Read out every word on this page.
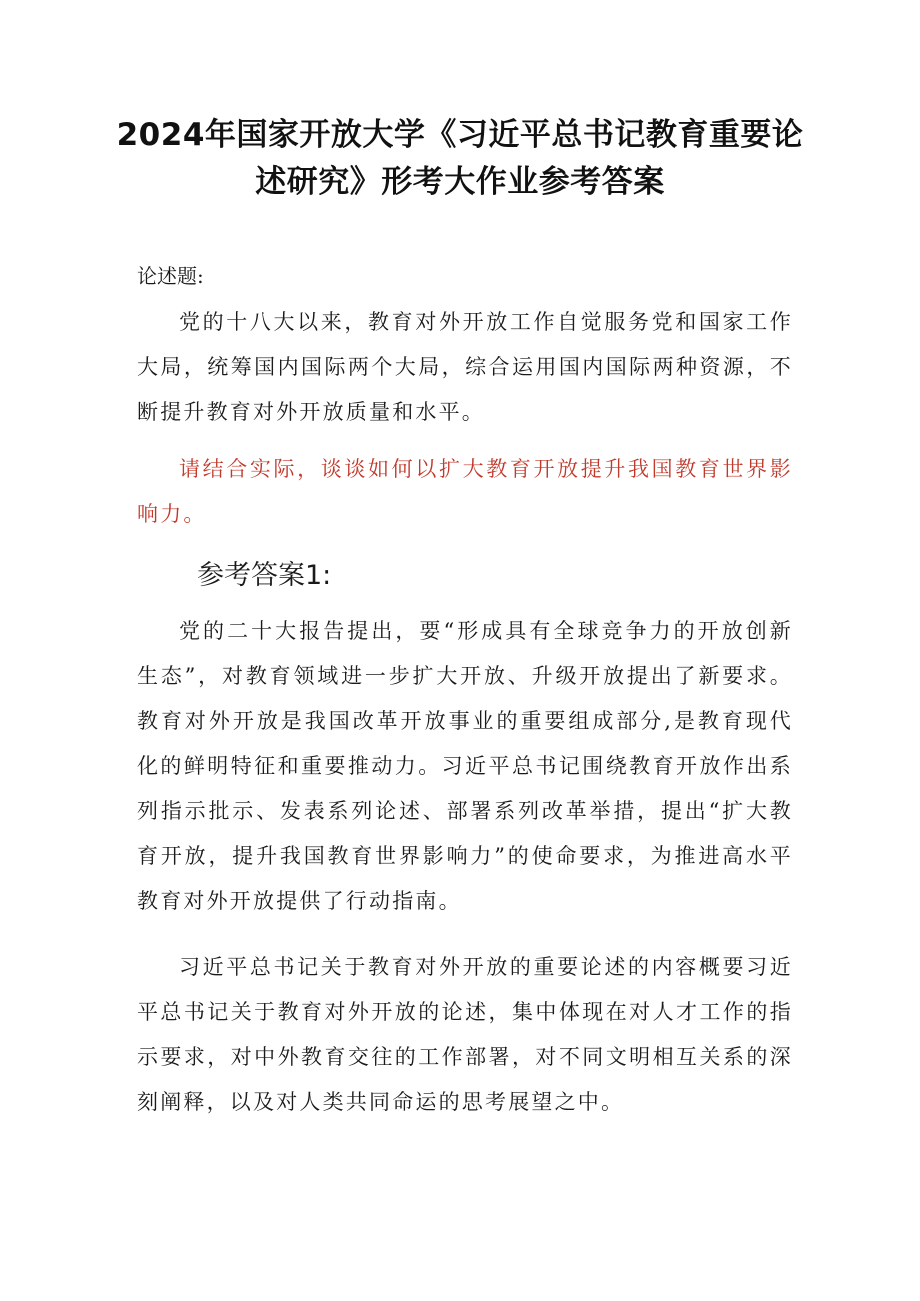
2024年国家开放大学《习近平总书记教育重要论述研究》形考大作业参考答案
论述题:

党的十八大以来，教育对外开放工作自觉服务党和国家工作大局，统筹国内国际两个大局，综合运用国内国际两种资源，不断提升教育对外开放质量和水平。

请结合实际，谈谈如何以扩大教育开放提升我国教育世界影响力。

参考答案1:

党的二十大报告提出，要“形成具有全球竞争力的开放创新生态”，对教育领域进一步扩大开放、升级开放提出了新要求。教育对外开放是我国改革开放事业的重要组成部分,是教育现代化的鲜明特征和重要推动力。习近平总书记围绕教育开放作出系列指示批示、发表系列论述、部署系列改革举措，提出“扩大教育开放，提升我国教育世界影响力”的使命要求，为推进高水平教育对外开放提供了行动指南。

习近平总书记关于教育对外开放的重要论述的内容概要习近平总书记关于教育对外开放的论述，集中体现在对人才工作的指示要求，对中外教育交往的工作部署，对不同文明相互关系的深刻阐释，以及对人类共同命运的思考展望之中。
